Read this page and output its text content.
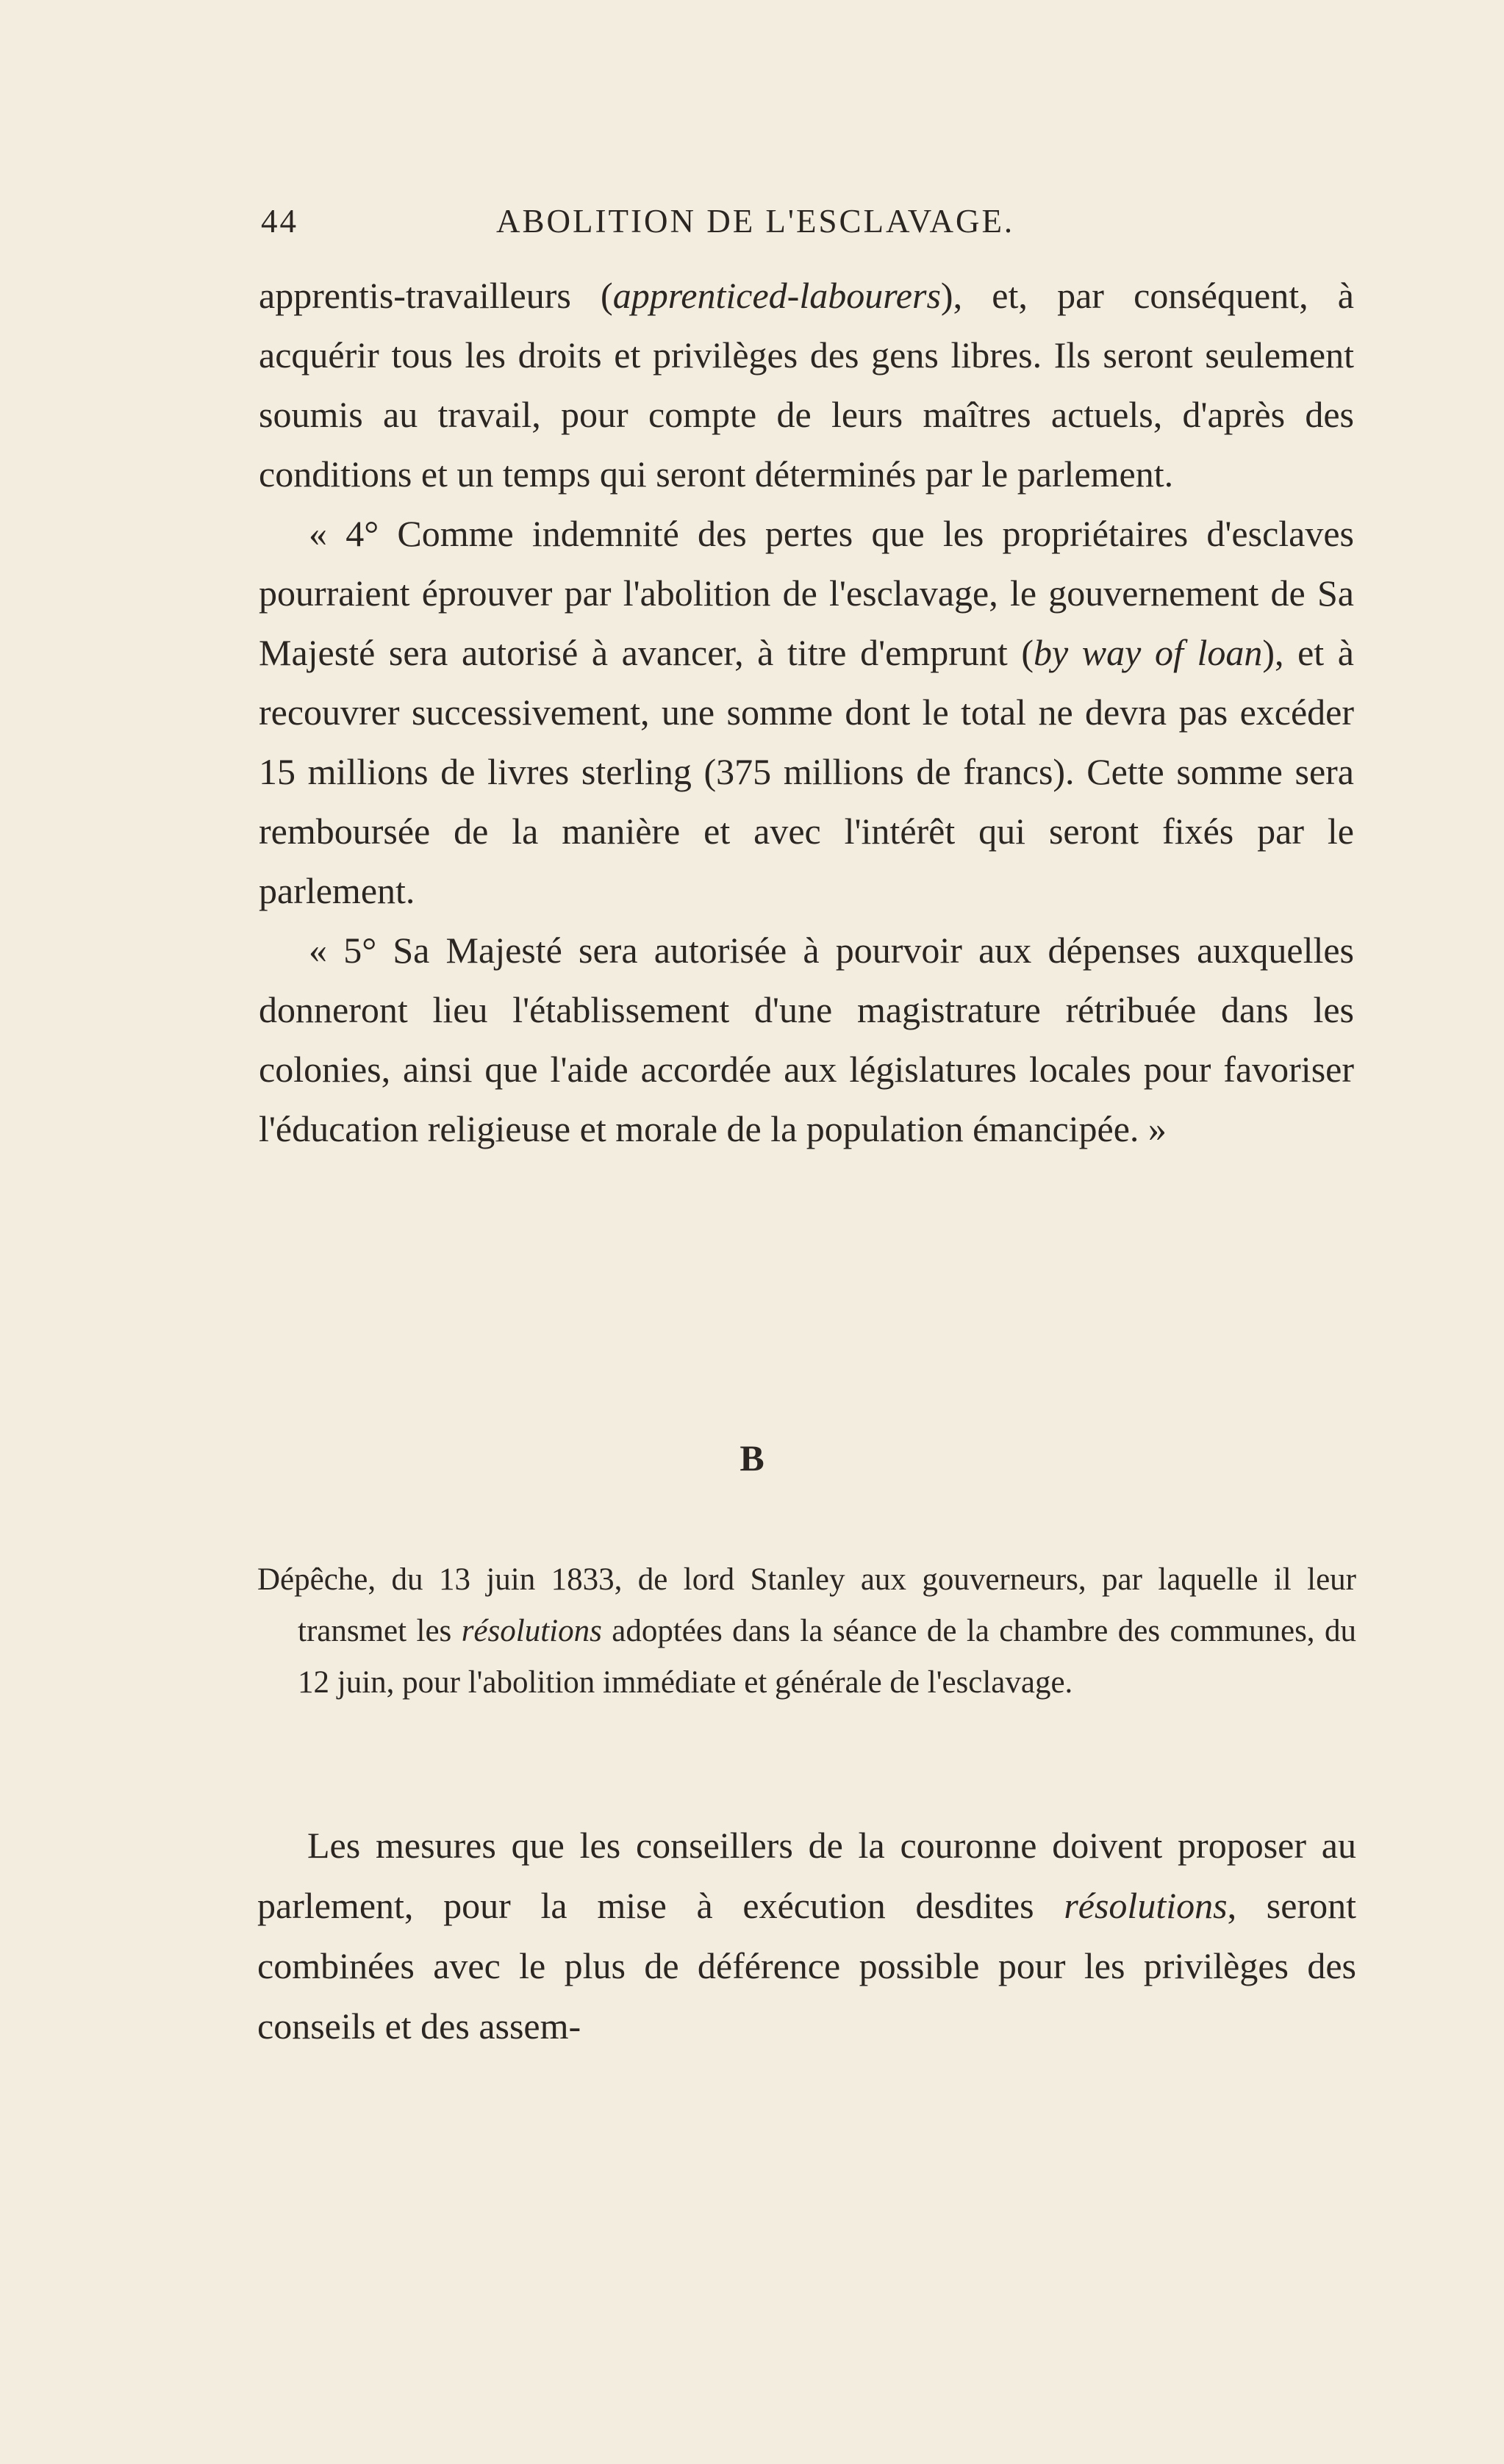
44	ABOLITION DE L'ESCLAVAGE.

apprentis-travailleurs (apprenticed-labourers), et, par conséquent, à acquérir tous les droits et privilèges des gens libres. Ils seront seulement soumis au travail, pour compte de leurs maîtres actuels, d'après des conditions et un temps qui seront déterminés par le parlement.

« 4° Comme indemnité des pertes que les propriétaires d'esclaves pourraient éprouver par l'abolition de l'esclavage, le gouvernement de Sa Majesté sera autorisé à avancer, à titre d'emprunt (by way of loan), et à recouvrer successivement, une somme dont le total ne devra pas excéder 15 millions de livres sterling (375 millions de francs). Cette somme sera remboursée de la manière et avec l'intérêt qui seront fixés par le parlement.

« 5° Sa Majesté sera autorisée à pourvoir aux dépenses auxquelles donneront lieu l'établissement d'une magistrature rétribuée dans les colonies, ainsi que l'aide accordée aux législatures locales pour favoriser l'éducation religieuse et morale de la population émancipée. »

B
Dépêche, du 13 juin 1833, de lord Stanley aux gouverneurs, par laquelle il leur transmet les résolutions adoptées dans la séance de la chambre des communes, du 12 juin, pour l'abolition immédiate et générale de l'esclavage.
Les mesures que les conseillers de la couronne doivent proposer au parlement, pour la mise à exécution desdites résolutions, seront combinées avec le plus de déférence possible pour les privilèges des conseils et des assem-
